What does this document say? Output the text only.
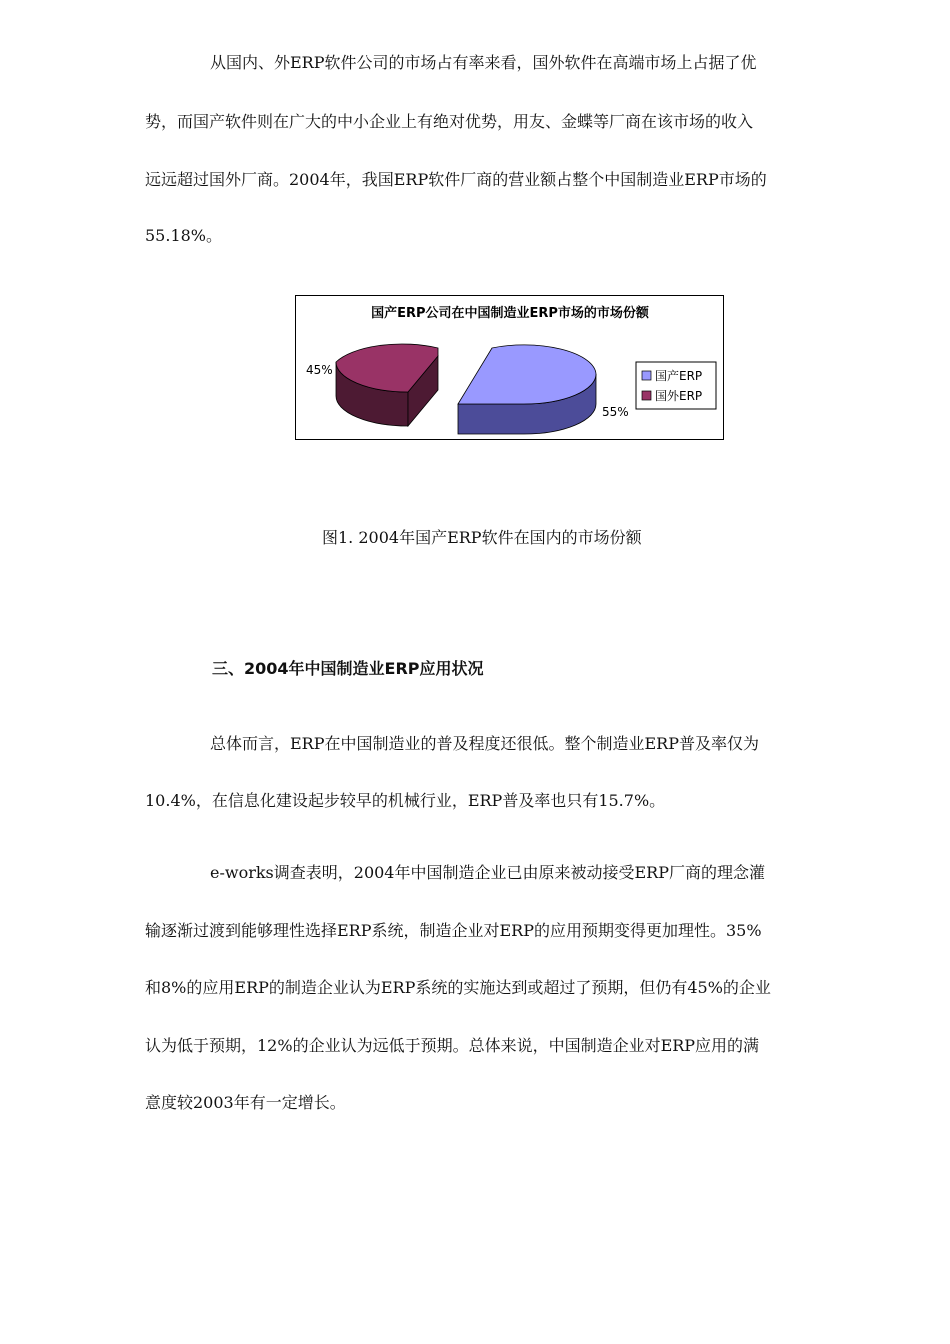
从国内、外ERP软件公司的市场占有率来看，国外软件在高端市场上占据了优

势，而国产软件则在广大的中小企业上有绝对优势，用友、金蝶等厂商在该市场的收入

远远超过国外厂商。2004年，我国ERP软件厂商的营业额占整个中国制造业ERP市场的

55.18%。

国产ERP公司在中国制造业ERP市场的市场份额
45%
55%
国产ERP
国外ERP

图1. 2004年国产ERP软件在国内的市场份额

三、2004年中国制造业ERP应用状况

总体而言，ERP在中国制造业的普及程度还很低。整个制造业ERP普及率仅为

10.4%，在信息化建设起步较早的机械行业，ERP普及率也只有15.7%。

e-works调查表明，2004年中国制造企业已由原来被动接受ERP厂商的理念灌

输逐渐过渡到能够理性选择ERP系统，制造企业对ERP的应用预期变得更加理性。35%

和8%的应用ERP的制造企业认为ERP系统的实施达到或超过了预期，但仍有45%的企业

认为低于预期，12%的企业认为远低于预期。总体来说，中国制造企业对ERP应用的满

意度较2003年有一定增长。
